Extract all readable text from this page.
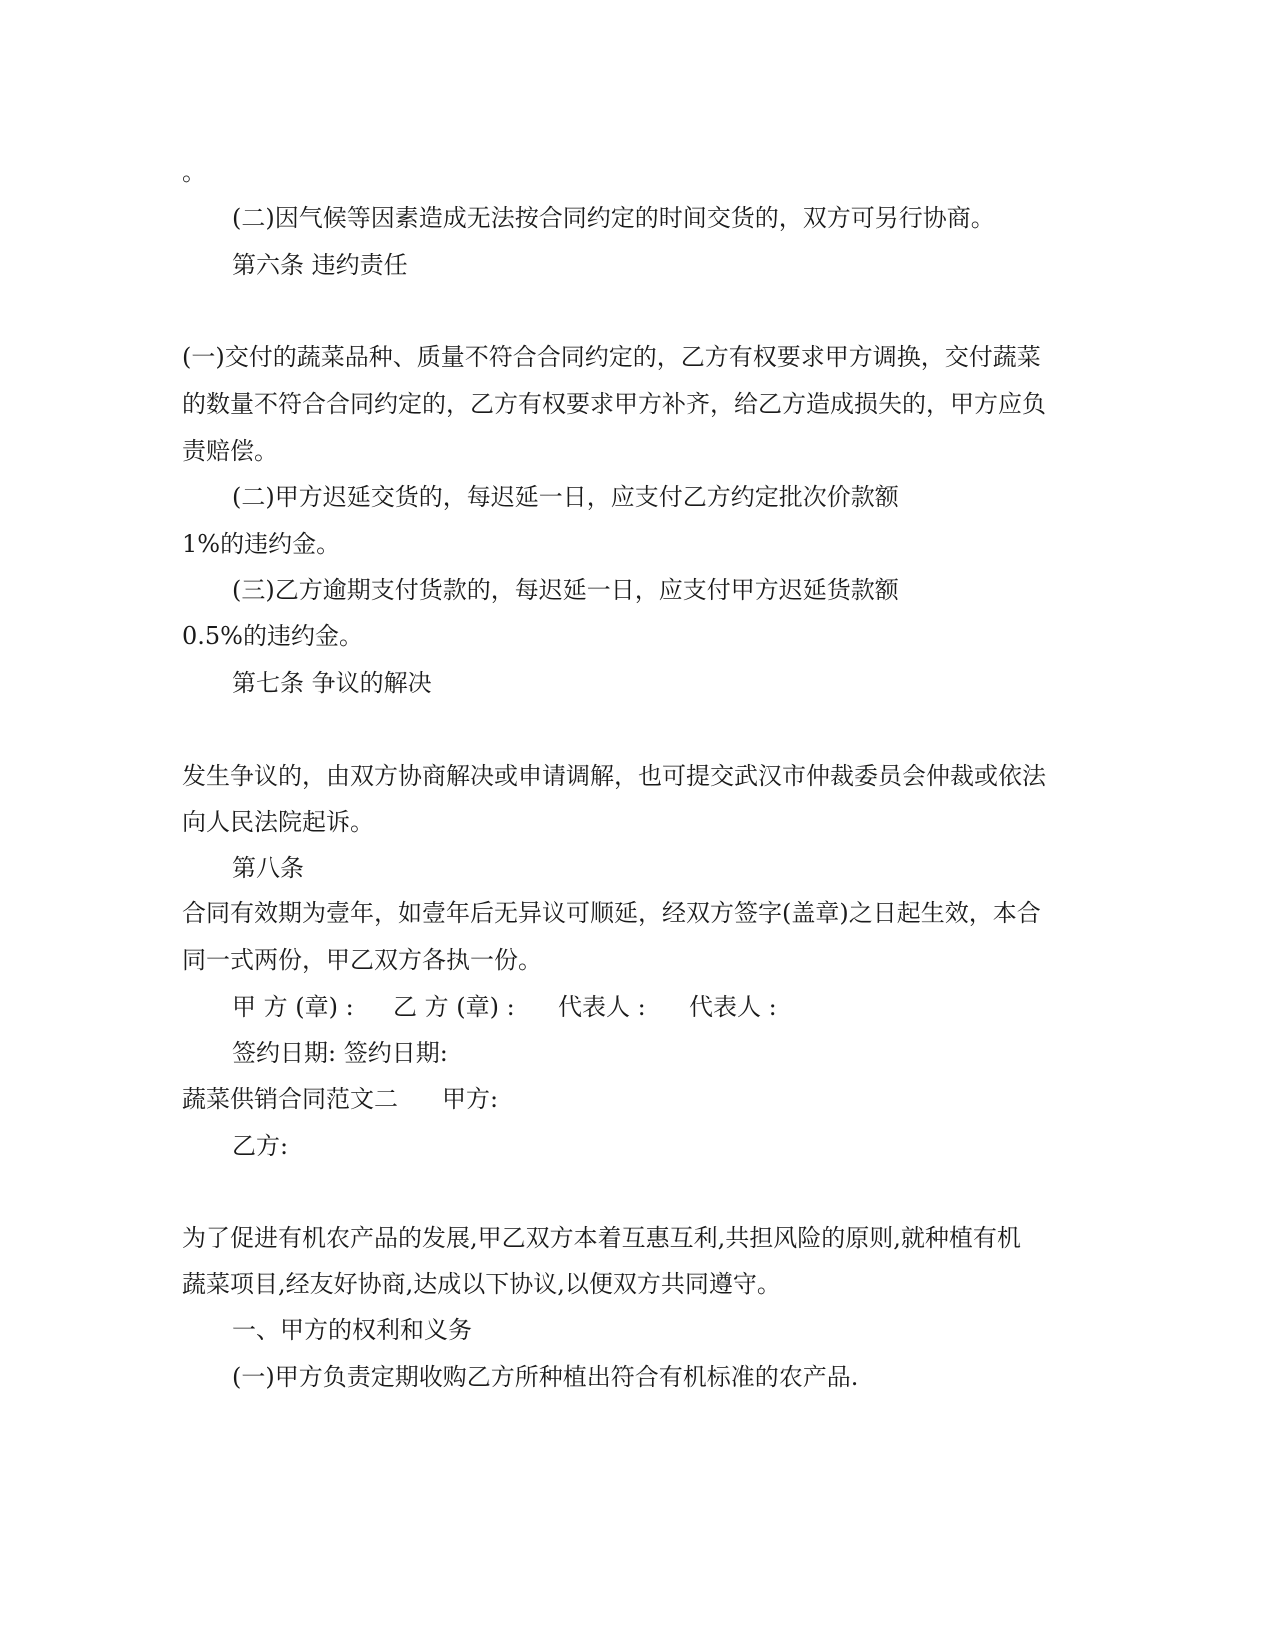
。
(二)因气候等因素造成无法按合同约定的时间交货的，双方可另行协商。
第六条 违约责任
(一)交付的蔬菜品种、质量不符合合同约定的，乙方有权要求甲方调换，交付蔬菜
的数量不符合合同约定的，乙方有权要求甲方补齐，给乙方造成损失的，甲方应负
责赔偿。
(二)甲方迟延交货的，每迟延一日，应支付乙方约定批次价款额
1%的违约金。
(三)乙方逾期支付货款的，每迟延一日，应支付甲方迟延货款额
0.5%的违约金。
第七条 争议的解决
发生争议的，由双方协商解决或申请调解，也可提交武汉市仲裁委员会仲裁或依法
向人民法院起诉。
第八条
合同有效期为壹年，如壹年后无异议可顺延，经双方签字(盖章)之日起生效，本合
同一式两份，甲乙双方各执一份。
甲 方 (章) : 乙 方 (章) : 代表人 : 代表人 :
签约日期: 签约日期:
蔬菜供销合同范文二 甲方:
乙方:
为了促进有机农产品的发展,甲乙双方本着互惠互利,共担风险的原则,就种植有机
蔬菜项目,经友好协商,达成以下协议,以便双方共同遵守。
一、甲方的权利和义务
(一)甲方负责定期收购乙方所种植出符合有机标准的农产品.
